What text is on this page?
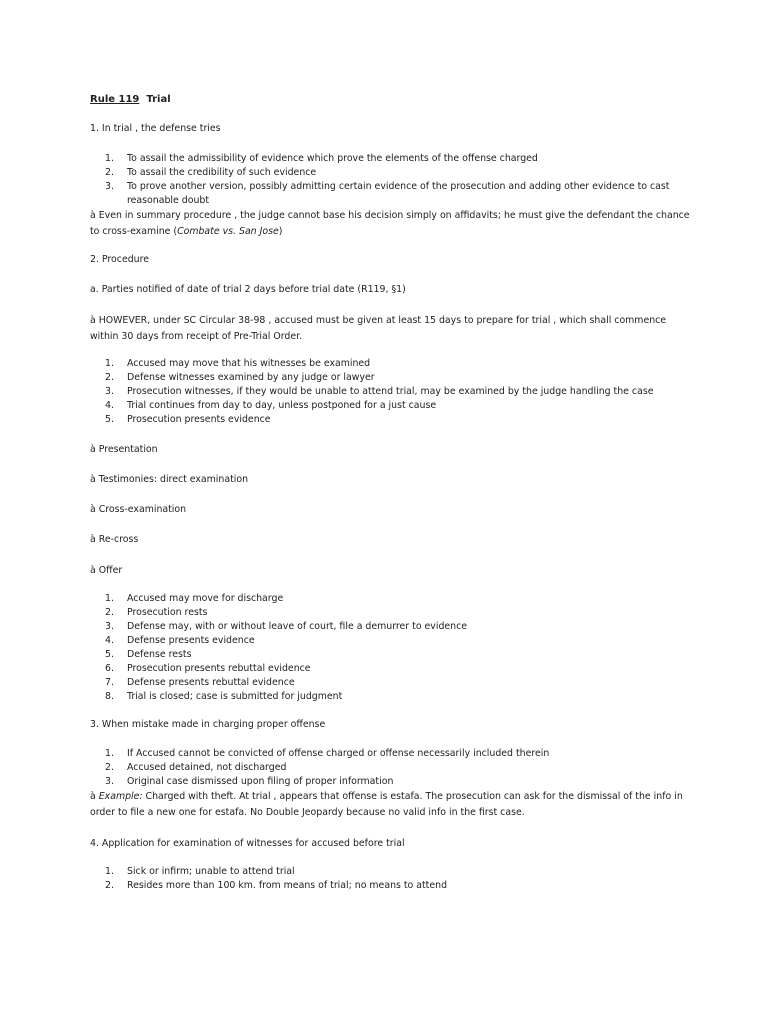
Rule 119 Trial
1. In trial , the defense tries
1. To assail the admissibility of evidence which prove the elements of the offense charged
2. To assail the credibility of such evidence
3. To prove another version, possibly admitting certain evidence of the prosecution and adding other evidence to cast reasonable doubt
à Even in summary procedure , the judge cannot base his decision simply on affidavits; he must give the defendant the chance to cross-examine (Combate vs. San Jose)
2. Procedure
a. Parties notified of date of trial 2 days before trial date (R119, §1)
à HOWEVER, under SC Circular 38-98 , accused must be given at least 15 days to prepare for trial , which shall commence within 30 days from receipt of Pre-Trial Order.
1. Accused may move that his witnesses be examined
2. Defense witnesses examined by any judge or lawyer
3. Prosecution witnesses, if they would be unable to attend trial, may be examined by the judge handling the case
4. Trial continues from day to day, unless postponed for a just cause
5. Prosecution presents evidence
à Presentation
à Testimonies: direct examination
à Cross-examination
à Re-cross
à Offer
1. Accused may move for discharge
2. Prosecution rests
3. Defense may, with or without leave of court, file a demurrer to evidence
4. Defense presents evidence
5. Defense rests
6. Prosecution presents rebuttal evidence
7. Defense presents rebuttal evidence
8. Trial is closed; case is submitted for judgment
3. When mistake made in charging proper offense
1. If Accused cannot be convicted of offense charged or offense necessarily included therein
2. Accused detained, not discharged
3. Original case dismissed upon filing of proper information
à Example: Charged with theft. At trial , appears that offense is estafa. The prosecution can ask for the dismissal of the info in order to file a new one for estafa. No Double Jeopardy because no valid info in the first case.
4. Application for examination of witnesses for accused before trial
1. Sick or infirm; unable to attend trial
2. Resides more than 100 km. from means of trial; no means to attend
